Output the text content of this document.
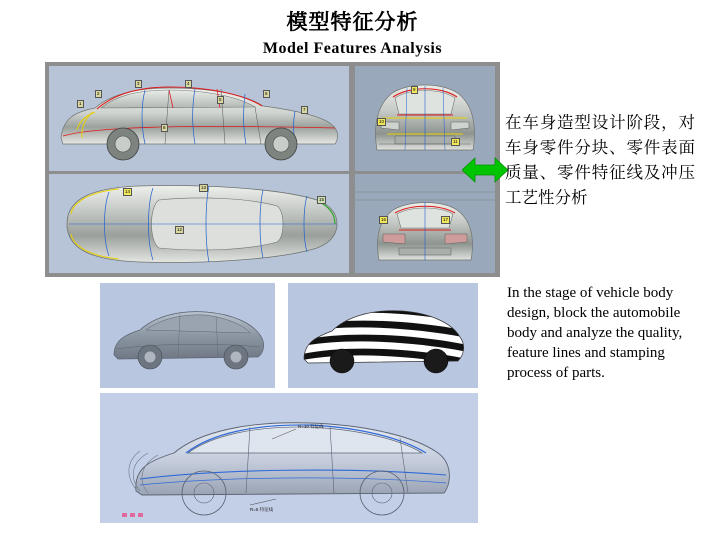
模型特征分析
Model Features Analysis
1
2
3	4
5
6
7
8
9
10
11
14
13
15
12
16	17
R=10 特征线
R=5 特征线
在车身造型设计阶段，对车身零件分块、零件表面质量、零件特征线及冲压工艺性分析
In the stage of vehicle body design, block the automobile body and analyze the quality, feature lines and stamping process of parts.
